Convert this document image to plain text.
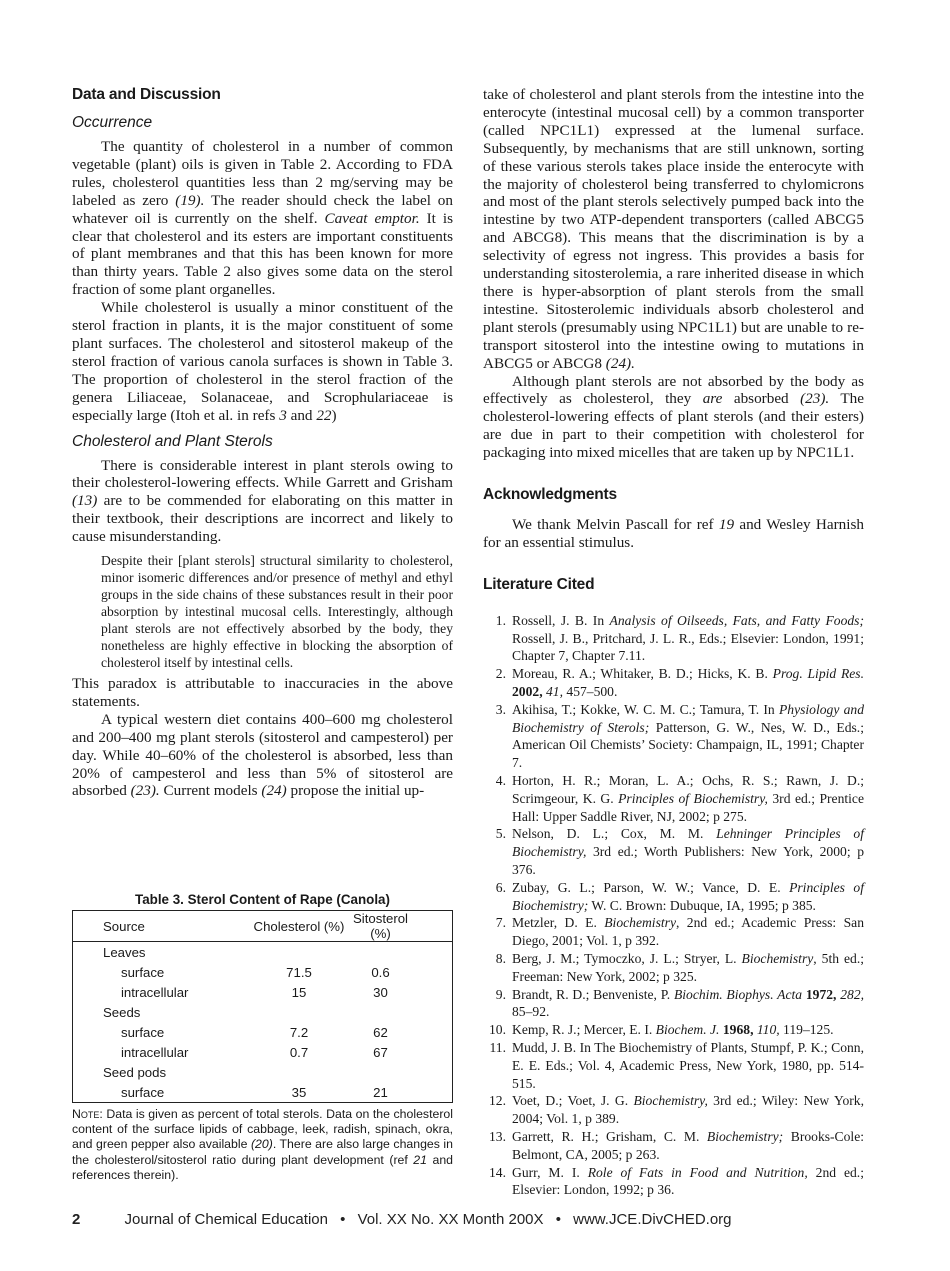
Data and Discussion
Occurrence

The quantity of cholesterol in a number of common vegetable (plant) oils is given in Table 2. According to FDA rules, cholesterol quantities less than 2 mg/serving may be labeled as zero (19). The reader should check the label on whatever oil is currently on the shelf. Caveat emptor. It is clear that cholesterol and its esters are important constituents of plant membranes and that this has been known for more than thirty years. Table 2 also gives some data on the sterol fraction of some plant organelles.

While cholesterol is usually a minor constituent of the sterol fraction in plants, it is the major constituent of some plant surfaces. The cholesterol and sitosterol makeup of the sterol fraction of various canola surfaces is shown in Table 3. The proportion of cholesterol in the sterol fraction of the genera Liliaceae, Solanaceae, and Scrophulariaceae is especially large (Itoh et al. in refs 3 and 22)

Cholesterol and Plant Sterols

There is considerable interest in plant sterols owing to their cholesterol-lowering effects. While Garrett and Grisham (13) are to be commended for elaborating on this matter in their textbook, their descriptions are incorrect and likely to cause misunderstanding.

Despite their [plant sterols] structural similarity to cholesterol, minor isomeric differences and/or presence of methyl and ethyl groups in the side chains of these substances result in their poor absorption by intestinal mucosal cells. Interestingly, although plant sterols are not effectively absorbed by the body, they nonetheless are highly effective in blocking the absorption of cholesterol itself by intestinal cells.

This paradox is attributable to inaccuracies in the above statements.

A typical western diet contains 400–600 mg cholesterol and 200–400 mg plant sterols (sitosterol and campesterol) per day. While 40–60% of the cholesterol is absorbed, less than 20% of campesterol and less than 5% of sitosterol are absorbed (23). Current models (24) propose the initial up-

Table 3. Sterol Content of Rape (Canola)
Source	Cholesterol (%)	Sitosterol (%)
Leaves		
surface	71.5	0.6
intracellular	15	30
Seeds		
surface	7.2	62
intracellular	0.7	67
Seed pods		
surface	35	21
Note: Data is given as percent of total sterols. Data on the cholesterol content of the surface lipids of cabbage, leek, radish, spinach, okra, and green pepper also available (20). There are also large changes in the cholesterol/sitosterol ratio during plant development (ref 21 and references therein).

take of cholesterol and plant sterols from the intestine into the enterocyte (intestinal mucosal cell) by a common transporter (called NPC1L1) expressed at the lumenal surface. Subsequently, by mechanisms that are still unknown, sorting of these various sterols takes place inside the enterocyte with the majority of cholesterol being transferred to chylomicrons and most of the plant sterols selectively pumped back into the intestine by two ATP-dependent transporters (called ABCG5 and ABCG8). This means that the discrimination is by a selectivity of egress not ingress. This provides a basis for understanding sitosterolemia, a rare inherited disease in which there is hyper-absorption of plant sterols from the small intestine. Sitosterolemic individuals absorb cholesterol and plant sterols (presumably using NPC1L1) but are unable to re-transport sitosterol into the intestine owing to mutations in ABCG5 or ABCG8 (24).

Although plant sterols are not absorbed by the body as effectively as cholesterol, they are absorbed (23). The cholesterol-lowering effects of plant sterols (and their esters) are due in part to their competition with cholesterol for packaging into mixed micelles that are taken up by NPC1L1.

Acknowledgments

We thank Melvin Pascall for ref 19 and Wesley Harnish for an essential stimulus.

Literature Cited
1. Rossell, J. B. In Analysis of Oilseeds, Fats, and Fatty Foods; Rossell, J. B., Pritchard, J. L. R., Eds.; Elsevier: London, 1991; Chapter 7, Chapter 7.11.
2. Moreau, R. A.; Whitaker, B. D.; Hicks, K. B. Prog. Lipid Res. 2002, 41, 457–500.
3. Akihisa, T.; Kokke, W. C. M. C.; Tamura, T. In Physiology and Biochemistry of Sterols; Patterson, G. W., Nes, W. D., Eds.; American Oil Chemists’ Society: Champaign, IL, 1991; Chapter 7.
4. Horton, H. R.; Moran, L. A.; Ochs, R. S.; Rawn, J. D.; Scrimgeour, K. G. Principles of Biochemistry, 3rd ed.; Prentice Hall: Upper Saddle River, NJ, 2002; p 275.
5. Nelson, D. L.; Cox, M. M. Lehninger Principles of Biochemistry, 3rd ed.; Worth Publishers: New York, 2000; p 376.
6. Zubay, G. L.; Parson, W. W.; Vance, D. E. Principles of Biochemistry; W. C. Brown: Dubuque, IA, 1995; p 385.
7. Metzler, D. E. Biochemistry, 2nd ed.; Academic Press: San Diego, 2001; Vol. 1, p 392.
8. Berg, J. M.; Tymoczko, J. L.; Stryer, L. Biochemistry, 5th ed.; Freeman: New York, 2002; p 325.
9. Brandt, R. D.; Benveniste, P. Biochim. Biophys. Acta 1972, 282, 85–92.
10. Kemp, R. J.; Mercer, E. I. Biochem. J. 1968, 110, 119–125.
11. Mudd, J. B. In The Biochemistry of Plants, Stumpf, P. K.; Conn, E. E. Eds.; Vol. 4, Academic Press, New York, 1980, pp. 514-515.
12. Voet, D.; Voet, J. G. Biochemistry, 3rd ed.; Wiley: New York, 2004; Vol. 1, p 389.
13. Garrett, R. H.; Grisham, C. M. Biochemistry; Brooks-Cole: Belmont, CA, 2005; p 263.
14. Gurr, M. I. Role of Fats in Food and Nutrition, 2nd ed.; Elsevier: London, 1992; p 36.
2	Journal of Chemical Education • Vol. XX No. XX Month 200X • www.JCE.DivCHED.org
